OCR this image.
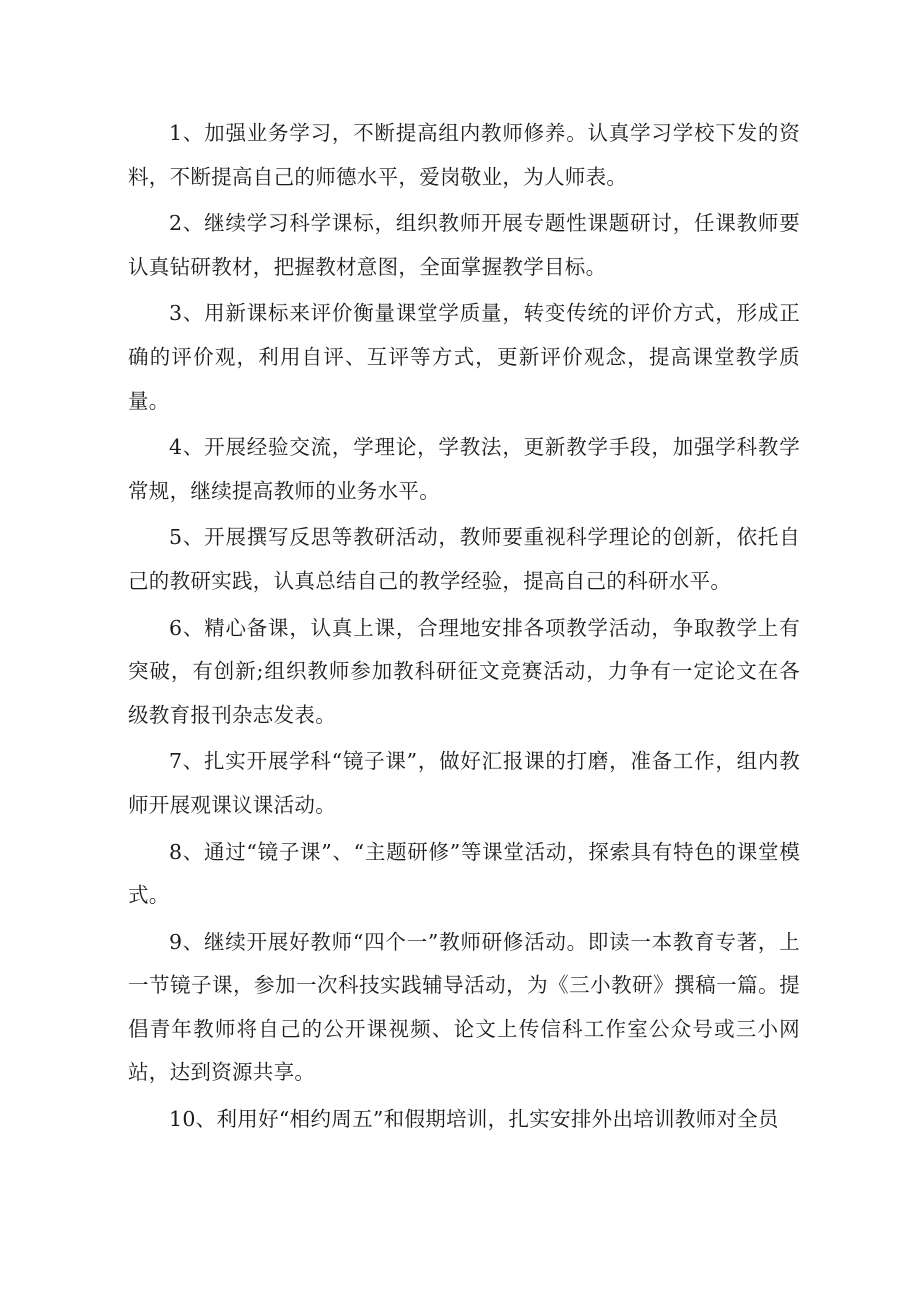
1、加强业务学习，不断提高组内教师修养。认真学习学校下发的资料，不断提高自己的师德水平，爱岗敬业，为人师表。

2、继续学习科学课标，组织教师开展专题性课题研讨，任课教师要认真钻研教材，把握教材意图，全面掌握教学目标。

3、用新课标来评价衡量课堂学质量，转变传统的评价方式，形成正确的评价观，利用自评、互评等方式，更新评价观念，提高课堂教学质量。

4、开展经验交流，学理论，学教法，更新教学手段，加强学科教学常规，继续提高教师的业务水平。

5、开展撰写反思等教研活动，教师要重视科学理论的创新，依托自己的教研实践，认真总结自己的教学经验，提高自己的科研水平。

6、精心备课，认真上课，合理地安排各项教学活动，争取教学上有突破，有创新;组织教师参加教科研征文竞赛活动，力争有一定论文在各级教育报刊杂志发表。

7、扎实开展学科“镜子课”，做好汇报课的打磨，准备工作，组内教师开展观课议课活动。

8、通过“镜子课”、“主题研修”等课堂活动，探索具有特色的课堂模式。

9、继续开展好教师“四个一”教师研修活动。即读一本教育专著，上一节镜子课，参加一次科技实践辅导活动，为《三小教研》撰稿一篇。提倡青年教师将自己的公开课视频、论文上传信科工作室公众号或三小网站，达到资源共享。

10、利用好“相约周五”和假期培训，扎实安排外出培训教师对全员
